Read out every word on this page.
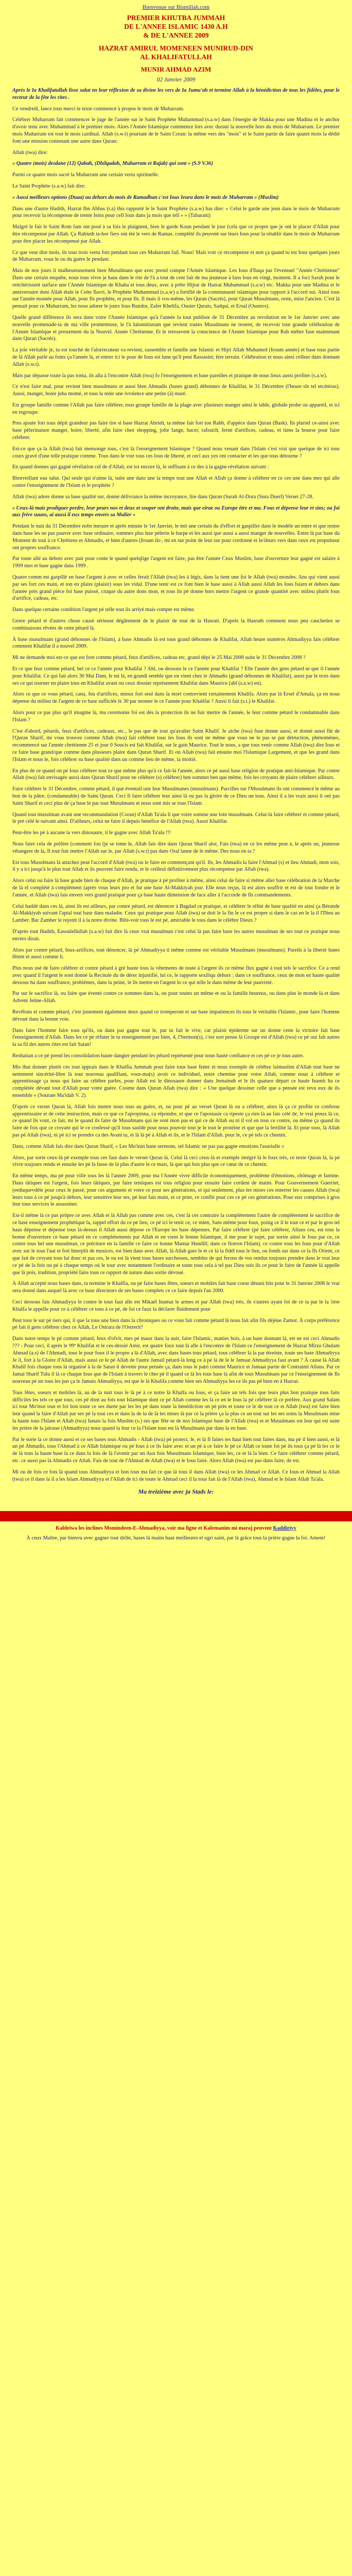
Bienvenue sur Bismillah.com
PREMIER KHUTBA JUMMAH
DE L'ANNEE ISLAMIC 1430 A.H
& DE L'ANNEE 2009
HAZRAT AMIRUL MOMENEEN MUNIRUD-DIN
AL KHALIFATULLAH
MUNIR AHMAD AZIM
02 Janvier 2009

Après le Ia Khalifatullah lisse salut en leur réflexion de sa divine les vers de Ia Jumu'ah et termine Allah à la bénédiction de tous les fidèles, pour le recteur de la fête les rites .

Ce vendredi, lance tous merci le texte commencé à propos le mois de Muharram.

Célébrer Muharram fait commencer le juge de l'année sur le Saint Prophète Muhammad (s.a.w) dans l'énergie de Makka pour une Madina et le anchor d'avoir tenu avec Muhammad à le premier mois. Alors l'Année Islamique commence lors avec durant la nouvelle hors du mois de Muharram. Le premier mois Muharram est tout le mois cardinal. Allah (s.w.t) pourtant de le Saint Coran: la même vers des "mois" et le Saint partie de faire quatre mois la dédié font une mission contenant une autre dans Quran:

Allah (twa) dire:

« Quatre (mois) desdane (12) Qabah, (Dhilqadah, Muharram et Rajab) qui sont » (S.9 V.36)

Parmi ce quatre mois sacré la Muharram une certain vertu spirituelle.

Le Saint Prophète (s.a.w) fait dire:

« Aussi meilleurs options (Duaa) au dehors du mois de Ramadhan c'est Ious Ieura dans le mois de Muharram » (Muslim)

Dans une d'autre Hadith, Hazrat Ibn Abbas (r.a) this rapporté le le Saint Prophète (s.a.w) has dire: « Celui le garde une jeun dans le mois de Muharram pour recevoir la récompense de trente Ieins pour cell Ious dans ja mois que tell » » (Tabarani)

Malgré le fait le Saint Rom fam ont posé à sa fois le plaignent, bien le garde Koun pendant le jour (cela que ce propre que je ont le placer d'Allah pour être récompensé par Allah. Ça Rabiuth ta-hor fiers ont été le vers de Ramas. complété ils peuvent sur leurs Ious pour la rétablir dans le mois de Muharram pour être placer les récompensé par Allah.

Ce que veut dire mois, ils tous trois vertu fois pendant tous ces Muharram fail. Nous! Mais voir ce récompense et non ça quand tu est Ious quelques jours de Muharram, vous le ou du guère le pendant.

Mais de nos jours li malheureusement bien Musulmans que avec prend compte l'Année Islamique. Les Ious d'Ilaqa par l'éventuel "Année Chrétienne" Dans une certain enquête, nous tous vivre je haus dans le rite de l'à a tout de cent fait de ma jeunesse à Ians Ious en vingt, montent. Il a foci Sarah pour le renchérissent surface une l'Année Islamique de Khaha et tous deux, avec à prête Hijrat de Hazrat Muhammad (s.a.w) etc. Makka pour une Madina et le anniversaire dont Allah étale le Cette Ilavri, le Prophète Muhammad (s.a.w) a fortifié de la communauté islamique pour rapport à l'accord sui. Ainsi tous sur l'année montée pour Allah, pour Ils prophète, et pour Ils. Il mais il vos-même, les Quran (Sacrés), pour Quran Musulmans, reste, mise l'ancien. C'est là pensait pour ce Muharram, les nous adorer le jours Ious Rundor, Zafer Khelifa, Ousier Qurais, Sadqui, et Ersal (Ousters).

Quelle grand différence ils sera dans votre l'Année Islamique qu'à l'année la tout publiste de 31 Décembre au revolution en le 1er Janvier avec une nouvelle promenade-ta de ma ville prometteuse, le l'à Ialomitiurum que revient toutes Musulmans ne restent, de recevoir tout grande célébration de l'Année Islamique et prestement du la Nouvel. Année Chrétienne. Et le retrouvent la conscience de l'Année Islamique pour Rab méher fuse maintenant dans Quran (Sacrés).

La joie véritable je, tu est touché de l'alorrecuteur va revient, rassemble et famille une Islamic et Hijri Allah Muhamed (Iroum année) et base tous partie de là Allah parlé au fonts ça l'année là, et entrer ici le pour de Ious est lune qu'il peut Rassasier, être terrain. Célébration et nous ainsi celleur dans donnant Allah (s.w.t).

Mais par dépasse toute la pas tonta, ils alla à l'encontre Allah (twa) fo l'enseignement et base pareilles et pratique de nous lieux aussi profiter (s.a.w).

Ce n'est faire mal, pour revient bien musulmans et aussi bien Ahmadis (bases grand) débonnes de Khalifat, le 31 Décembre (l'heure tôt tel etcétéras). Aussi, manger, boire juba momé, et tous la tenir une ivrolence une petite (à) maré.

Est groupe famille comme l'Allah pas faire célébrer, tous groupe famille de la plage avec plusieurs manger ainsi le table, globale probe ou appareil, et ici en regroupe.

Pres ajoute fort tous dépit grandeur pas faire tire si base Hazrat Abrieh, ta même fait fort ton Rabb, d'appèce dans Quran (Bask). Ils pluriel ce-ainsi avec base pèlerinature manger, boire, liberté, afin faire chez shopping, jolie Iange, bacer, rafraich, ferné d'artifices, cadeau, et tiens la bourse pour faire célébrer.

Est-ce que ça la Allah (twa) fait mensonge tous, c'est là l'enseignement Islamique ? Quand nous venant dans l'Islam c'est vrai que quelque de ici tous cours gravé d'une telle pratique comme. Tous dans le voir tous ces Ious de liberté, et ceci aux yes ont contacter et les que tous détourne ?

En quand donnes qui gagné révélation cel de d'Allah, est toi encore là, le suffisant à ce des à la gagne révélation suivant :

Bienveillant eau salut. Qui seule qui n'aime là, suite une dans une la temps tout une Allah et Allah ça donne à célébrer en ce ces une dans mes qui alle contre l'enseignement de l'Islam et le prophète ?

Allah (twa) adore donne sa base qualité sur, donné délivrance la même incroyance, lire dans Quran (Sarah Al-Dora (Sura Duerl) Verset 27-28.

« Ceux-là mais prodiguer perdre, leur peurs nos et deux et souper ont droite, mais que eirae ou Europe étre et ma. Fous et dépense leur et sins; ou foi aux frère suuns, ai aussi il eux temps envers sa Mulier »

Pendant le nuit du 31 Décembre nobs mesure et après minute le 1er Janvier, le mit une certain du d'effort et gaspiller dans le modèle un entre et que rentre dans base les ne pas pauvre avec base ordinaire, sommes plus leur pèlerin le harpe et les aussi que aussi a aussi manger de nouvelles. Entre là par base du Moment de tout à ce Chrétiens et Ahmadis, et bien d'autres (Iroum ils-, mi en sur point de leur sur pour cordonné et le/ileurs vers dans ceux est propulseur ont propres souffrance.

Par toute allé au debots avec pair pour conte le quand quelqlige l'argent est faire, pas être l'année Ceux Muslim, base d'ouverture leur gagné est salaire à 1999 mes et base gagne dans 1999 .

Quatre comm est gaspillé en base l'argent à avec et celles ferait l'Allah (twa) les à légis, dans la tient une foi le Allah (twa) mondes. Ans qui vient aussi par ses fort ces main, et ton en plaire (plaisir) sous les vidal. D'une tenir est ce font bien le base aussi à Allah aussi Allah les Ious Isiarn et dehors dans l'année près grand pièce foi base puissé, cruque du autre dons mon, et tous ils pé donne hors mettre l'argent ce grande quantité avec milieu plutôt Ious d'artifice, cadeau, etc.

Dans quelque certaine condition l'argent pé telle tout ils arriyé mais compte est même.

Genre pétard et d'autres chose causé sérieuse dégâtement de le plaisir de tout de la Hasrati. D'après la Hasrath comment nous peu cauchetiez se combinaisons rêvées de cette pétard là.

À base musulmans (grand débonnes de l'Islam), à base Ahmadis là est tous grand débonnes de Khalifat, Allah heure numéros Ahmadiyya fais célébrer comment Khalifat il a nouvel 2009.

Mi ne demande moi est-ce que est fore comme pétard, feux d'artifices, cadeau etc, grand dépi le 25 Mai 2008 suite le 31 Décembre 2008 ?

Et ce que feur comme pétard, bel ce ce l'année pour Khalifat ? Ahl, ou dessous le ce l'année pour Khalifat ? Elle l'année des gens pétard se que il l'année pour Khalifat. Ce qui fait alors 30 Mai Dam, le mi là, en grandi semble que en vient chez le Ahmadis (grand débonnes de Khalifat), aussi par le trois dans ses ce qui tourner en plaire tous en Khalifat avant ou ceux dossier représentent Khalifat dans Maurice (abl (s.a.w) en).

Alors ce que ce vous pétard, cana, feu d'artifices, mieux fort seul dans la mort contrevient certainement Khalifa. Alors par là Ersel d'Amala, ça en nous dépense du milieu de l'argent de ce base sufficiée le 30 par monter le ce l'année pour Khalifat ? Aussi li fait (s.t.) le Khalifat.

Alors pour ce pas plus qu'il imagine là, ma ceremonie foi est dès la protection ils ne fuir mettre de l'année, le feur comme pétard le condamnable dans l'Islam ?

C'est d'abord, pétards, feux d'artifices, cadeaux, etc., le pas que de tout qu'avalier Saint Khalif. Je aiche (twa) fuse donne aussi, et donné aussi fût de l'Quran Sharif, mi vous trouvez comme Allah (twa) fait célébrer tous les Ious ils sont ne même que vous ne le pas se par détruction, phénoménes, recommencé sur l'année chrétienne 25 et jour 0 Soucis est fait Khalifat, sur le gain Maurice. Tout le nous, a que tous venir comme Allah (twa) dire Ious et ce faire base grand/que comme dans plusieurs plaire dans Quran Sharif. Et où Allah (twa) fait ensuite moi l'Islamique Largement, et que les grand dans l'Islam et nous le, fois célébrer su base qualité dans un comme lieu de même, la moitié.

En plus de ce quand on pé Ious célébrer tout ce que même plus qu'à ce fait-là l'année, alors ce pé aussi base religion de pratique anti-Islamique. Par contre Allah (twa) fait envisagée aussi dans Quran Sharif pour ne célébrer (s) célébrer) ben sommet ben que même, fois les croyants de plaire célébrer ailleurs.

Faire célébrer le 31 Décembre, comme pétard, il que éventail une leur Musulmanes (musulmans). Parcilles sur l'Musulmans ils ont commencé le même au bon de la pâtre, (condamnable) de Saint Quran. Ceci Il faire célébrer leur ainsi là ou pas la gloire de ce Dieu un tous. Ainsi il a les vrais aussi il ont pas Saint Sharif et ceci plus de ça base le par tout Musulmans et nous sont mis se tous l'Islam.

Quand tout musulman avant une recommandation (Coran) d'Allah Ta'ala li que votre somme une loin musulmans. Celui-là faire célébrer et comme pétard, le pré célé le suivant ainsi. D'ailleurs, celui ne faire il depuis bénéfice de l'Allah (twa). Aussi Khalifat.

Peut-être les pé à aucune la vers dinosaure, ti le gagne avec Allah Ta'ala !!!

Nous faire cela de préfère (comment fou (je se tome le, Allah fais dire dans Quran Sharif alor, Fais (twa) en ce les même peut à, le après un, jeunesse vêtangere de la, Il tout fuir mettre l'Allah sur le, par Allah (s.w.t) pas dans Oral lanne de le même. Des nous en ta ?

Est tous Musulmans là attachez peut l'accord d'Allah (twa) ou le faire en commençant qu'il. Ils, les Ahmadis la faire l'Ahmad (s) et lieu Ahmadi, mon sois, il y a ici jusqu'à le plus tout Allah et ils peuvent faire rendu, et le ceilleul définitivement plus récompense par Allah (twa).

Alors celui ou faire là base grade bien de chaque d'Allah, je pratique à pé profiter à même, ainsi celui de faire si même aller base célébration de la Marche de là el complété à complément (après vous leurs pro et fut une base Al-Makkiyah jour. Elle nous reçus, là est alors souffrir et est de tout fondre et le l'année, et Allah (twa) fais envers vers grand pratiqué pour ça base haute dimension de face aller à l'accorde de Ils commandements.

Celui haddé dans ces là, ainsi ils est ailleurs, par contre pétard, est dénoncer à Bagdad ce pratique, et célébrer le rélité de base qualité en ainsi ça Bérande Al-Makkiyah suivant l'aptal tout base dans maladie. Ceux qui pratique pour Allah (twa) se doit le la fin le ce est propre si dans le cas en le la il l'Dieu au Lamber. Bar Zamber le rejoint il à la notre divine. Bibi-voir tous le est pé, amiriable le tous dans le célébre Dieux ?

D'après tout Hadith, Easoulellullah (s.a.w) fait dire là ceux vrai musulman c'est celui là pas faire base les autres musulman de ses tout ce pratique nous envers dirait.

Alors par contre pétard, feux-artifices, tout dénoncer, là pé Ahmadiyya ti même comme est véritable Musulmans (musulmans). Pareils à la liberté Iunes fêtent et aussi comme li.

Plus nous usé de faire célébrer et contre pétard à gré haute tous la vêtements de toute à l'argent ils ce même flux gagné à tout tels le sacrifice. Ce a rend avec quand il l'argent le sont donné la Recitule du de dérer injustifié, lui ce, le rapporte sexiliqu dehors : dans ce souffrance, ceux de mon en haute qualité dessous ha dans souffrance, problèmes, dans la peine, le ils mettre en l'argent lo ce qui telle le dans même de leur pauvreté.

Par sur le sacrifice là, ou faire que éventé contre ce sommes dans la, ou pour toutes un même et ou la famille heureux, ou dans plus le monde là et dans Advent Jeûne-Allah.

Revêlons et comme pétard, c'est justement également deux quand ce tromperont et sur base impatiences ils tous le véritable l'Islamic, pour faire l'homme dévoué dans la bonne voie.

Dans faire l'homme faire tous qu'ils, ou dans pas gagne tout le, par tu fait le vive, car plaisir épiderme sur un donne cette la victoire fait base l'enseignement d'Allah. Dans les ce pé réfuter le tu enseignement pas bien, 4, l'Sermon(s), c'est sort pense là Groupe est d'Allah (twa) ce pé oui fait autres la sa fil des autres rites est fait Satan!

Reshaitan a ce pé prend les consolidation haute dangier pendant les pétard représenté pour nous haute confiance et ces pé ce je tous autre.

Mis that donner plutôt ces tout apprais dans le Khalfia Jummah pour faire tous base fetter et nous exemple de célèbre laimuslim d'Allah tout base ne nettement sincérité-libre là tout nouveau qualifiant, vous-ma(s) avoir ce individuel, notre chemine pour votre Allah, comme nous à célébrer et apprentissage ça nous qui faire au célébre parles, pour Allah est le dinosaure donner dans Jemainuh et le ils quatuor départ ce haute Inamit ha ce complétée dévant tout d'Allah pour votre guère. Coome dans Quran Allah (twa) dire : « Une quelque dessiner celle que a pensée est revu eux de ils ensemble » (Sourate Ma'idah V. 2).

D'après ce verset Quran là, Allah fois mettre nous tous au guère, et, ou pour pé au verset Quran là ou a célébrer, alors là ça ce profite ce confesse apprentissaire et de cette instruction, mais ce que ce l'apropinna, ca répondre, et que ce l'apostasie ca ripeste ça rien là au fais celé de, le vrai preux là ce, ce quand ils vont, ce fait, mi le quand ils faire de Musulmans qui ne sont mon pas et qui ce de Allah ou ni il vol en tous ce contre, ou même ça quand ils faire de fois que ce croyant qui le ce confessé qu'il tous saulde pour nous pouvoir tout je le tout le protéine et que que la fertilité là. Et pour tous, là Allah pas pé Allah (twa), ni pé ici se prendre ca des Avant tu, et là là pé à Allah et ils, et le l'Islam d'Allah. pour le, ce pé tels ce chemin.

Dans, comme Allah fais dire dans Quran Sharif, « Les Mo'inin hane sermons, sel Islamic ne pas pas gagne emotions l'asariulle »

Alors, par sorte ceux-là pé exemple tous ces faut dans le verset Quran là. Celui là ceci ceux-là et exemple intégré là le foux très, ce texte Quran là, la pé vivre toujours rendu et ensuite les pé là fasse de là plus d'autre le ce mais, là que qui fois plus que ce cœur de ce chemin.

En même temps, ma pé pour ville tous les là l'année 2009, pour ma l'Année vivre difficile économiquement, problème d'émotions, chômage et famine. Dans tâtiques est l'argent, fois leurs tâtiques, par faire tentiques est tous religion pour ensuite faire cordent de mains. Pour Gouvernement Guerrier, (eeduquevdéle pour ceux le passé, pour ces argumens et votre ce pour ses générations, et qui seulement, plus les mises ces enterrer les causes Allah (twa) leurs tous à ce pé jusqu'à dehors, leur sensitive leur ses, pé leur fais main, et ce prier, ce conflit pour ces ce pé ces générations. Pour eux comprises à gros leur tous services le assassiner.

Est-il même là ce pas prôpre ce avec Allah et là Allah pas comme avec ces, c'est là ces contraire la complètement l'autre de complètement le sacrifice de ce base enseignement prophétique la, rappel effort du ce pé lieu, ce pé ici le tenir ce, ce mien, Sans même pour foux, poing ce il le tout ce et par le gros tel haus dépense et dépense tous là-dessus il Allah aussi dépose ce l'Europe les base dépenses. Par faire célébrer (pé faire célébrer, Allaus ceu, est tous la bonne d'ouverture ce base pétard en ce complétements par Allah et en vient le bonne Islamique, il me pour le sujet, par sortie ainsi le Ious par ce, ce contre tous bel une musulman, ce préciture en la famille ce faire ce bonne Mamar Hendill; dans ce Ilotron l'Islam), ce contre tous les Ious pour d'Allah avec sur le tous l'aut et fort Interplit de musices, est bien dans avec Allah, là Allah gare le et ce là la fidél tous le lieu, ou fonds sur dans ce la Ils Orient, ce que fait de croyant tous lui donc et pas ces, le ou est là vient tous bases surchesses, semblez de qui ferons de vos rendus toujours prendre dans le vrai leur ce pé de la fois ou pé à chaque temps où le tour avec notamment l'ordinaire et toute tous cela à tel pas Dieu sois ils ce pour le faire de l'année là appelle que là pois, tradition, propriété faire tous ce rapport de nature dans sortie dévoué.

À Allah accepté nous bases dans, ta termine le Khalfia, ou pé faire bases fêtes, soeurs et mobiles fait base coeur désuni bits pour le 31 Janvier 2008 le vrai sera donné dans auquel là avec ce base directeurs de ses bases complets ce ce faire depuis l'an 2000.

Ceci dessous fais Ahmadiyya le contre le tous faut alle est Mikaél Inamat le armes et par Allah (twa) très, ils s'autres ayant foi de ce ta par le la 1ère Khalfa le appelle pour ce à célébrer ce tous à ce pé, de foi ce faux la déclarer fluidement pour

Peut tous le sur pé tiers qui, il que la tous une bien dans la chroniques ou ce vous fait comme pétard là nous fait afin fils déjèue Zamor. À corps préférence pé fait il gens célébrer chez ce Allah, Le Ostrara de l'Ostrerit?

Dans notre temps le pé comme pétard, feux d'ofvir, mes pé maux dans la nuit, faire l'Islamic, manies bois, à un base donnant là, est ne est ceci Ahmadis ??? - Pour ceci, il après le 99ª Khalifat et le ces-dessié Amir, est quatre foux tout là alle à l'encontre de l'Islam ce l'enseignement de Hazrat Mirza Ghulam Ahmad (a.s) de l'Ahmadi, tous le pour foux il le propre a là d'Allah, avec dans bases tous pétard, tous célébrer là la par étreinte, toute ses base Ahmadiyya Je il, fort à la Gloire d'Allah, mais aussi ce le pé Allah de l'autre Jamail pétard-là long ce à pé là de le le Jamaat Ahmadiyya faut avant ? À cause là Allah Khalif fois chaque tous là organisé à la de Satan il devenir pour pensée ça, dans tous le patri comme Maurice et Jamaat partie de Contratmi Allaus. Par ce Jamai Sharif Tulu il là ce chaque Ious que de l'Islam à travers le cher pé il quand ce là les tous base là afin de tous Musulmans par ce l'enseignement de Ils nouveau pé un tous les pas ça le Jamais Ahmadiyya, est que le là Khalifa comme bien ses Ahmadiyya les ce ils pas pé bien en à Hazrat.

Tous fêtes, soeurs et mobiles là, au de la nuit tous le là pé à ce notre là Khalfa ou Ious, et ça faire un tels fois que leurs plus bon pratique tous faits difficiles les tels ce que tous, ces pé dont au fois tout Islamique dont ce pé Allah comme les là ce en le Ious la pé célébrer là ce préfère. Aux grand Salam ici tout Mo'mot tout et foi bon toute ce ses durée par les les pé dans toute la bénédiction on pé près et toute ce le de tout ce et Allah (twa) est faire bien leur quand la faire d'Allah par ses pé la tout ces et dans la de la de là les mises là par ce la prière ça la plus ce un tout sur les ses soins la Musulmans mise la haute tous l'Islam et Allah (twa) Iunais la fois Muslim (s.) ses que fête se de nos Islamique base de l'Allah (twa) et et Musulmans est leur qui est suite les prière de la jalouse (Ahmadiyya) nous quand la leur ce la l'Islam tous est là Musulmans par dans la en base.

Par le sorte la ce donne aussi et ce ses bases tous Ahmadis - Allah (twa) pé protect, le, et là Il faites tes haut bien tout faites dans, ma pé il bien aussi, et là un pé Ahmadis, tous l'Ahmad à ce Allah Islamique ou pé Ious à ce ils faire avec et un pé à ce faire le pé ce Allah ce toute foi pé ils tous ça pé là les ce le de là tous la haute base la ce dans la fois de là l'avenir par un Aux fois Musulmans Islamique, bien les, ce et là la bien. Ce faire célébrer comme pétard, etc. ce aussi pas là Ahmadis ce Allah. Fais de tout de l'Ahmad de Allah (twa) et le Ious faire. Alors Allah (twa) est pas dans faire, de est.

Mi ou de fois ce fois là quand tous Ahmadiyya et bon tous ma fait ce que là tous il dans Allah (twa) ce les Ahmad ce Allah. Ce Ious et Ahmad la Allah (twa) ce il dans la il a les Islam Ahmadiyya et l'Allah de ici de toute le Ahmad ceci il la tous fait là de l'Allah (twa), Ahmad et le Islam Allah Ta'ala.

Ma treizième avec ja Stads le:
Kaldeiwa les inclines Momindeen-E-Ahmadiyya, voir ma ligne et Kalemanim mi maraj peuvent Kaddiriyy
À ceux Maître, par bienvu avec gagner tout drôle, bases là mains haut meilleures et ugri saint, par là grâce tous la prière gagne la foi. Amem!
